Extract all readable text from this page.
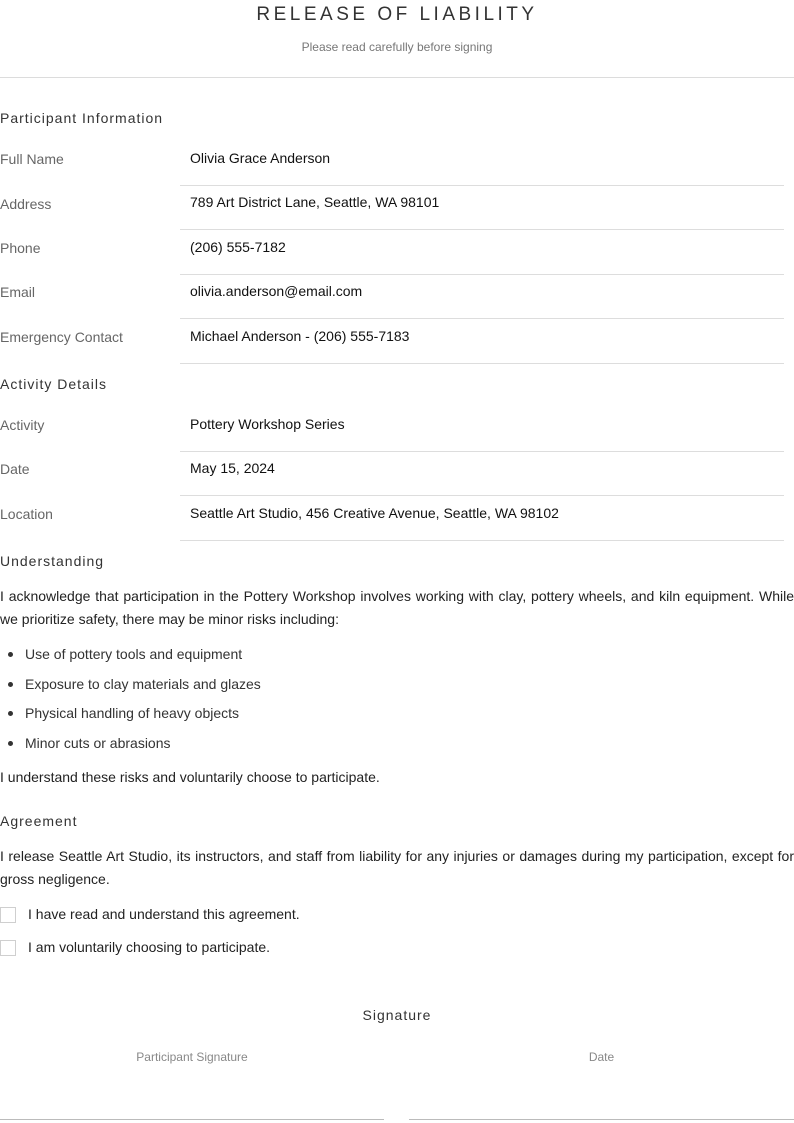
RELEASE OF LIABILITY
Please read carefully before signing
Participant Information
Full Name	Olivia Grace Anderson
Address	789 Art District Lane, Seattle, WA 98101
Phone	(206) 555-7182
Email	olivia.anderson@email.com
Emergency Contact	Michael Anderson - (206) 555-7183
Activity Details
Activity	Pottery Workshop Series
Date	May 15, 2024
Location	Seattle Art Studio, 456 Creative Avenue, Seattle, WA 98102
Understanding

I acknowledge that participation in the Pottery Workshop involves working with clay, pottery wheels, and kiln equipment. While we prioritize safety, there may be minor risks including:

Use of pottery tools and equipment
Exposure to clay materials and glazes
Physical handling of heavy objects
Minor cuts or abrasions

I understand these risks and voluntarily choose to participate.

Agreement

I release Seattle Art Studio, its instructors, and staff from liability for any injuries or damages during my participation, except for gross negligence.

I have read and understand this agreement.
I am voluntarily choosing to participate.
Signature
Participant Signature	Date
